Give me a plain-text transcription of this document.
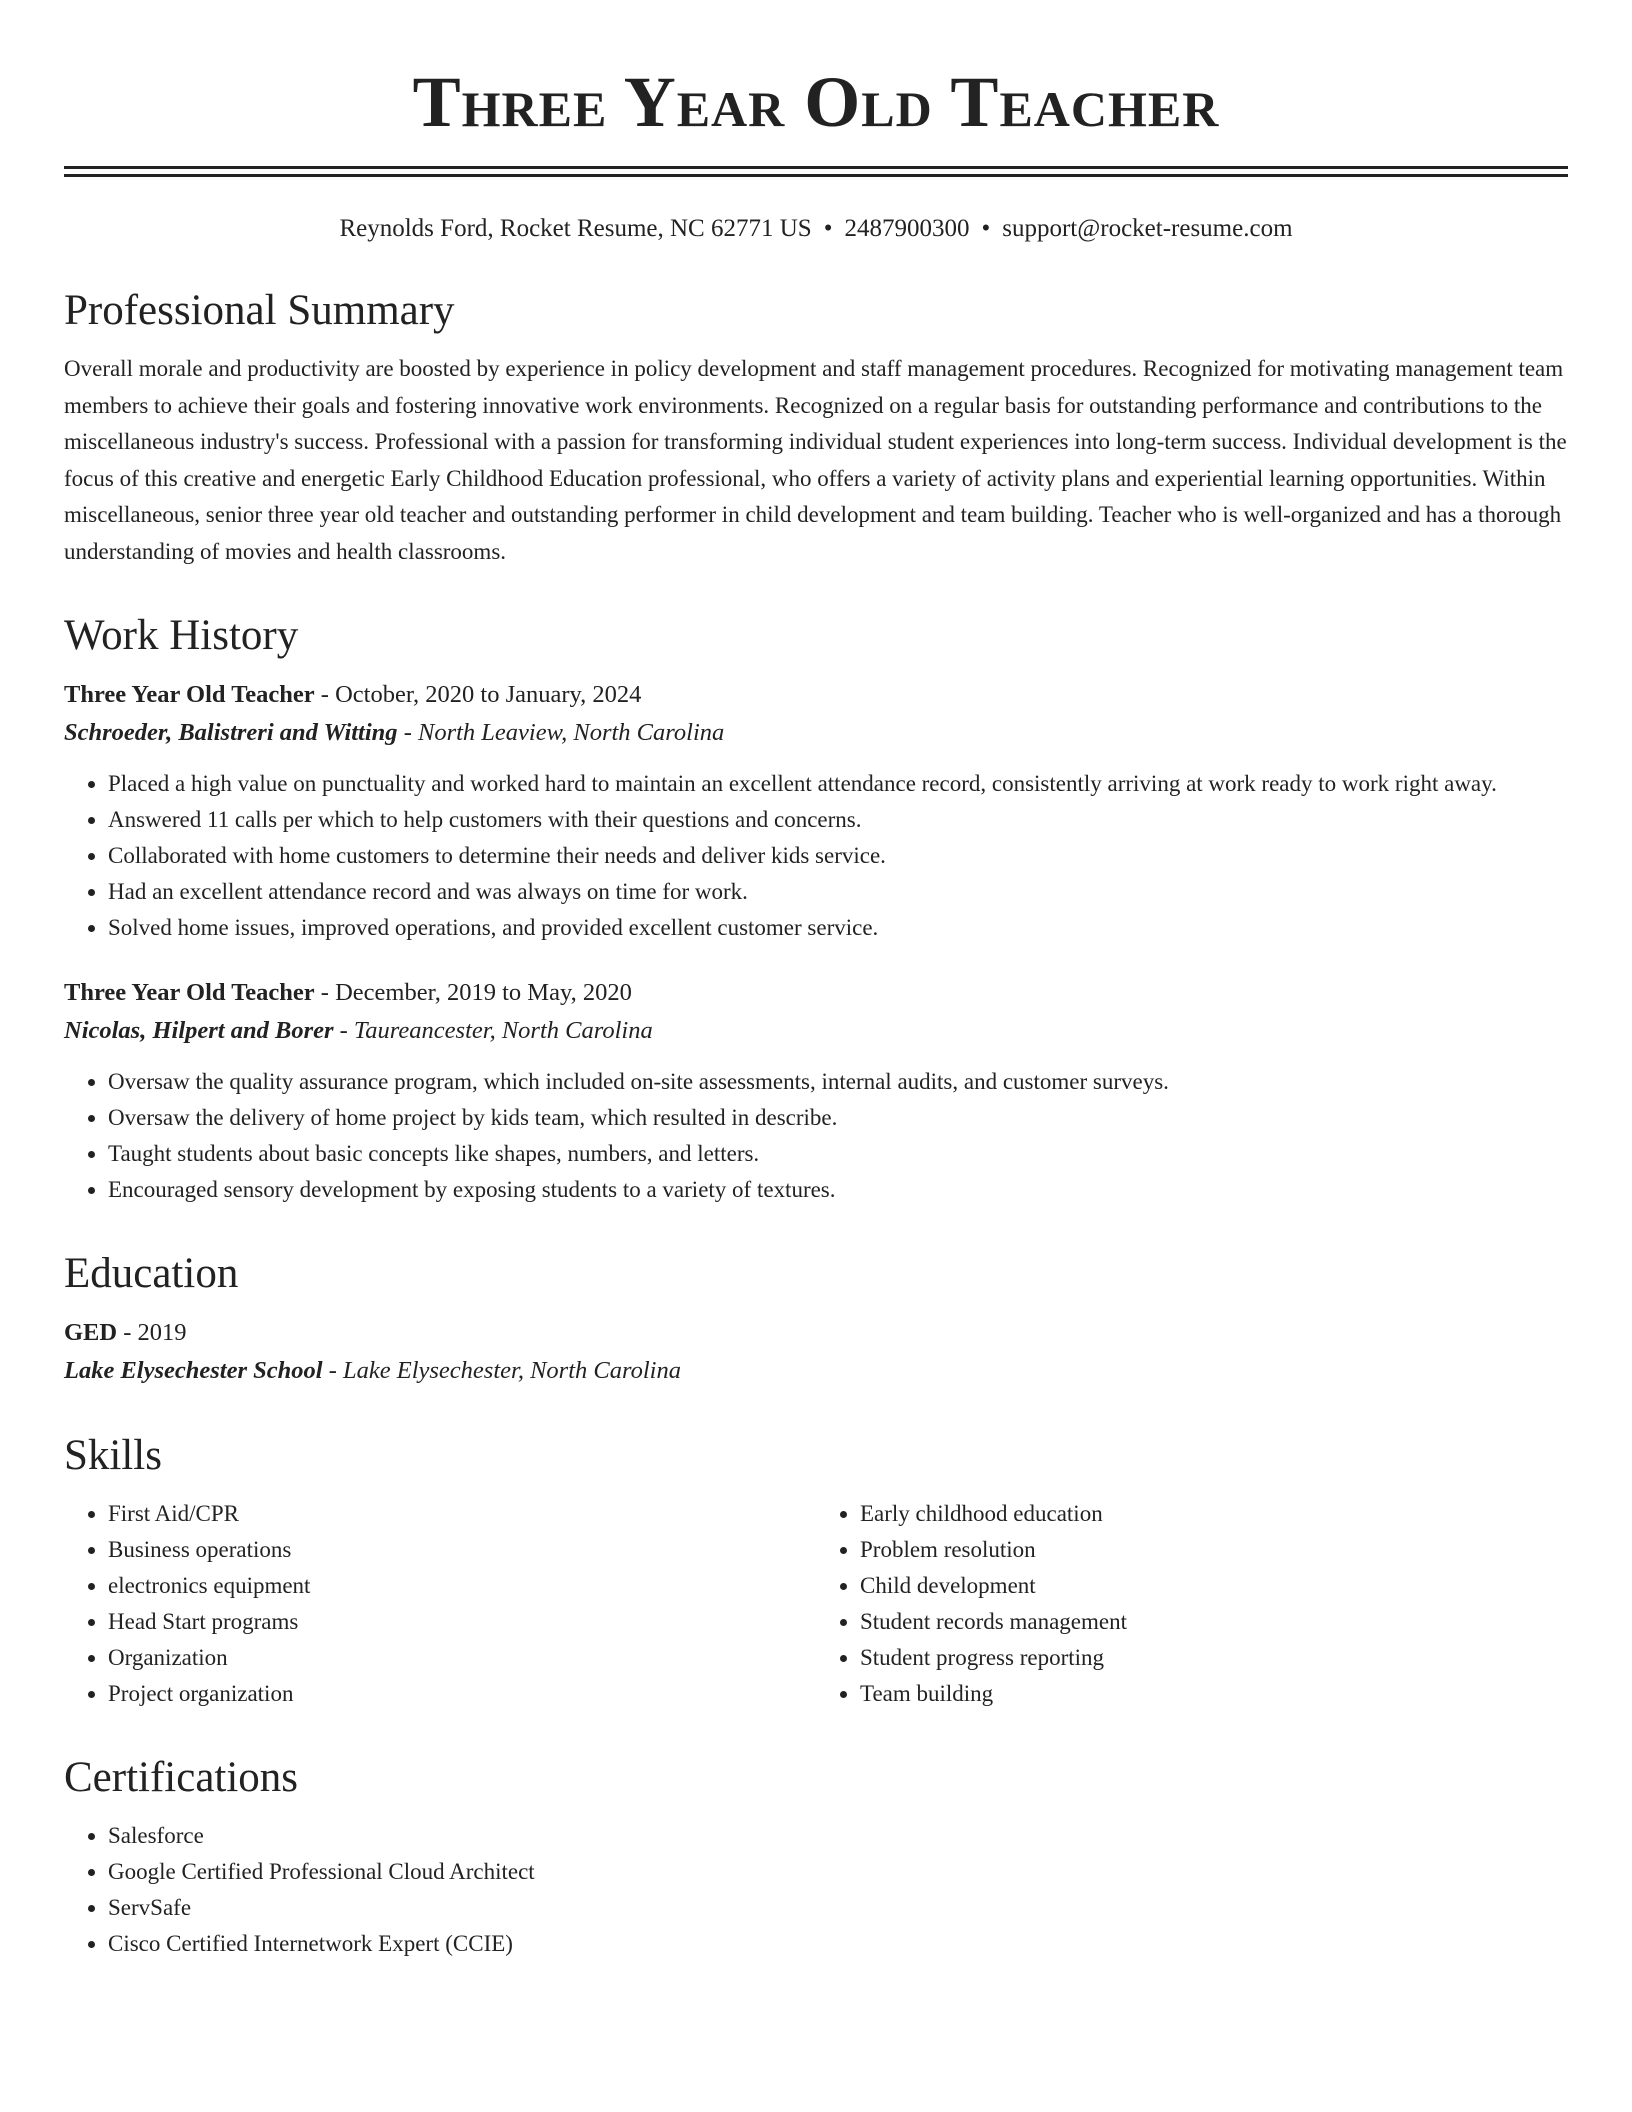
Three Year Old Teacher
Reynolds Ford, Rocket Resume, NC 62771 US • 2487900300 • support@rocket-resume.com
Professional Summary

Overall morale and productivity are boosted by experience in policy development and staff management procedures. Recognized for motivating management team members to achieve their goals and fostering innovative work environments. Recognized on a regular basis for outstanding performance and contributions to the miscellaneous industry's success. Professional with a passion for transforming individual student experiences into long-term success. Individual development is the focus of this creative and energetic Early Childhood Education professional, who offers a variety of activity plans and experiential learning opportunities. Within miscellaneous, senior three year old teacher and outstanding performer in child development and team building. Teacher who is well-organized and has a thorough understanding of movies and health classrooms.

Work History
Three Year Old Teacher - October, 2020 to January, 2024
Schroeder, Balistreri and Witting - North Leaview, North Carolina
• Placed a high value on punctuality and worked hard to maintain an excellent attendance record, consistently arriving at work ready to work right away.
• Answered 11 calls per which to help customers with their questions and concerns.
• Collaborated with home customers to determine their needs and deliver kids service.
• Had an excellent attendance record and was always on time for work.
• Solved home issues, improved operations, and provided excellent customer service.
Three Year Old Teacher - December, 2019 to May, 2020
Nicolas, Hilpert and Borer - Taureancester, North Carolina
• Oversaw the quality assurance program, which included on-site assessments, internal audits, and customer surveys.
• Oversaw the delivery of home project by kids team, which resulted in describe.
• Taught students about basic concepts like shapes, numbers, and letters.
• Encouraged sensory development by exposing students to a variety of textures.
Education
GED - 2019
Lake Elysechester School - Lake Elysechester, North Carolina
Skills
• First Aid/CPR
• Business operations
• electronics equipment
• Head Start programs
• Organization
• Project organization
• Early childhood education
• Problem resolution
• Child development
• Student records management
• Student progress reporting
• Team building
Certifications
• Salesforce
• Google Certified Professional Cloud Architect
• ServSafe
• Cisco Certified Internetwork Expert (CCIE)
